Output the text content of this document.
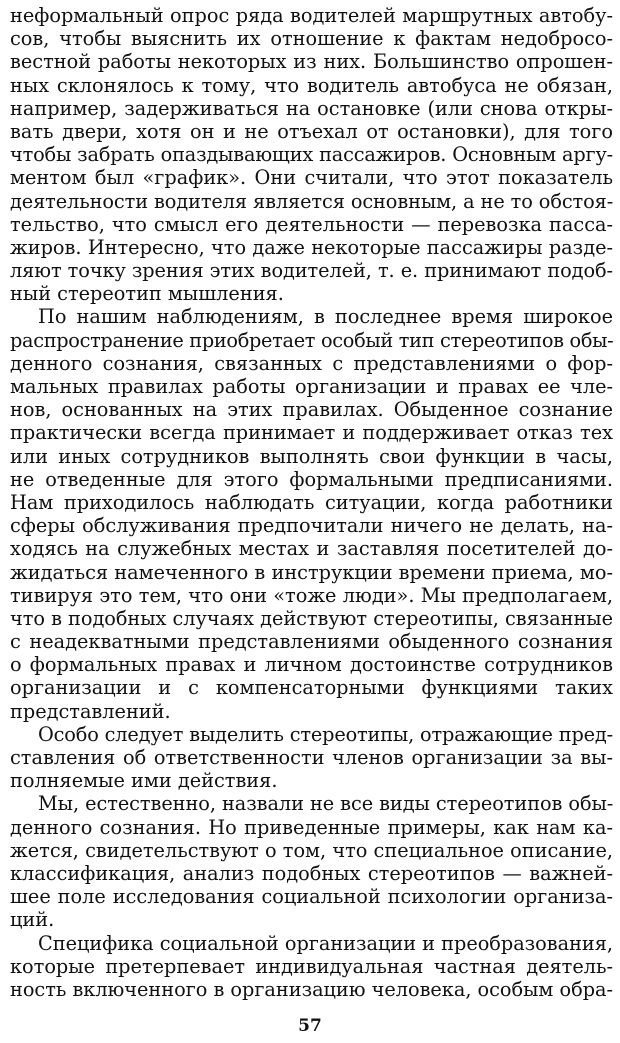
неформальный опрос ряда водителей маршрутных автобу-
сов, чтобы выяснить их отношение к фактам недобросо-
вестной работы некоторых из них. Большинство опрошен-
ных склонялось к тому, что водитель автобуса не обязан,
например, задерживаться на остановке (или снова откры-
вать двери, хотя он и не отъехал от остановки), для того
чтобы забрать опаздывающих пассажиров. Основным аргу-
ментом был «график». Они считали, что этот показатель
деятельности водителя является основным, а не то обстоя-
тельство, что смысл его деятельности — перевозка пасса-
жиров. Интересно, что даже некоторые пассажиры разде-
ляют точку зрения этих водителей, т. е. принимают подоб-
ный стереотип мышления.
По нашим наблюдениям, в последнее время широкое
распространение приобретает особый тип стереотипов обы-
денного сознания, связанных с представлениями о фор-
мальных правилах работы организации и правах ее чле-
нов, основанных на этих правилах. Обыденное сознание
практически всегда принимает и поддерживает отказ тех
или иных сотрудников выполнять свои функции в часы,
не отведенные для этого формальными предписаниями.
Нам приходилось наблюдать ситуации, когда работники
сферы обслуживания предпочитали ничего не делать, на-
ходясь на служебных местах и заставляя посетителей до-
жидаться намеченного в инструкции времени приема, мо-
тивируя это тем, что они «тоже люди». Мы предполагаем,
что в подобных случаях действуют стереотипы, связанные
с неадекватными представлениями обыденного сознания
о формальных правах и личном достоинстве сотрудников
организации и с компенсаторными функциями таких
представлений.
Особо следует выделить стереотипы, отражающие пред-
ставления об ответственности членов организации за вы-
полняемые ими действия.
Мы, естественно, назвали не все виды стереотипов обы-
денного сознания. Но приведенные примеры, как нам ка-
жется, свидетельствуют о том, что специальное описание,
классификация, анализ подобных стереотипов — важней-
шее поле исследования социальной психологии организа-
ций.
Специфика социальной организации и преобразования,
которые претерпевает индивидуальная частная деятель-
ность включенного в организацию человека, особым обра-
57
